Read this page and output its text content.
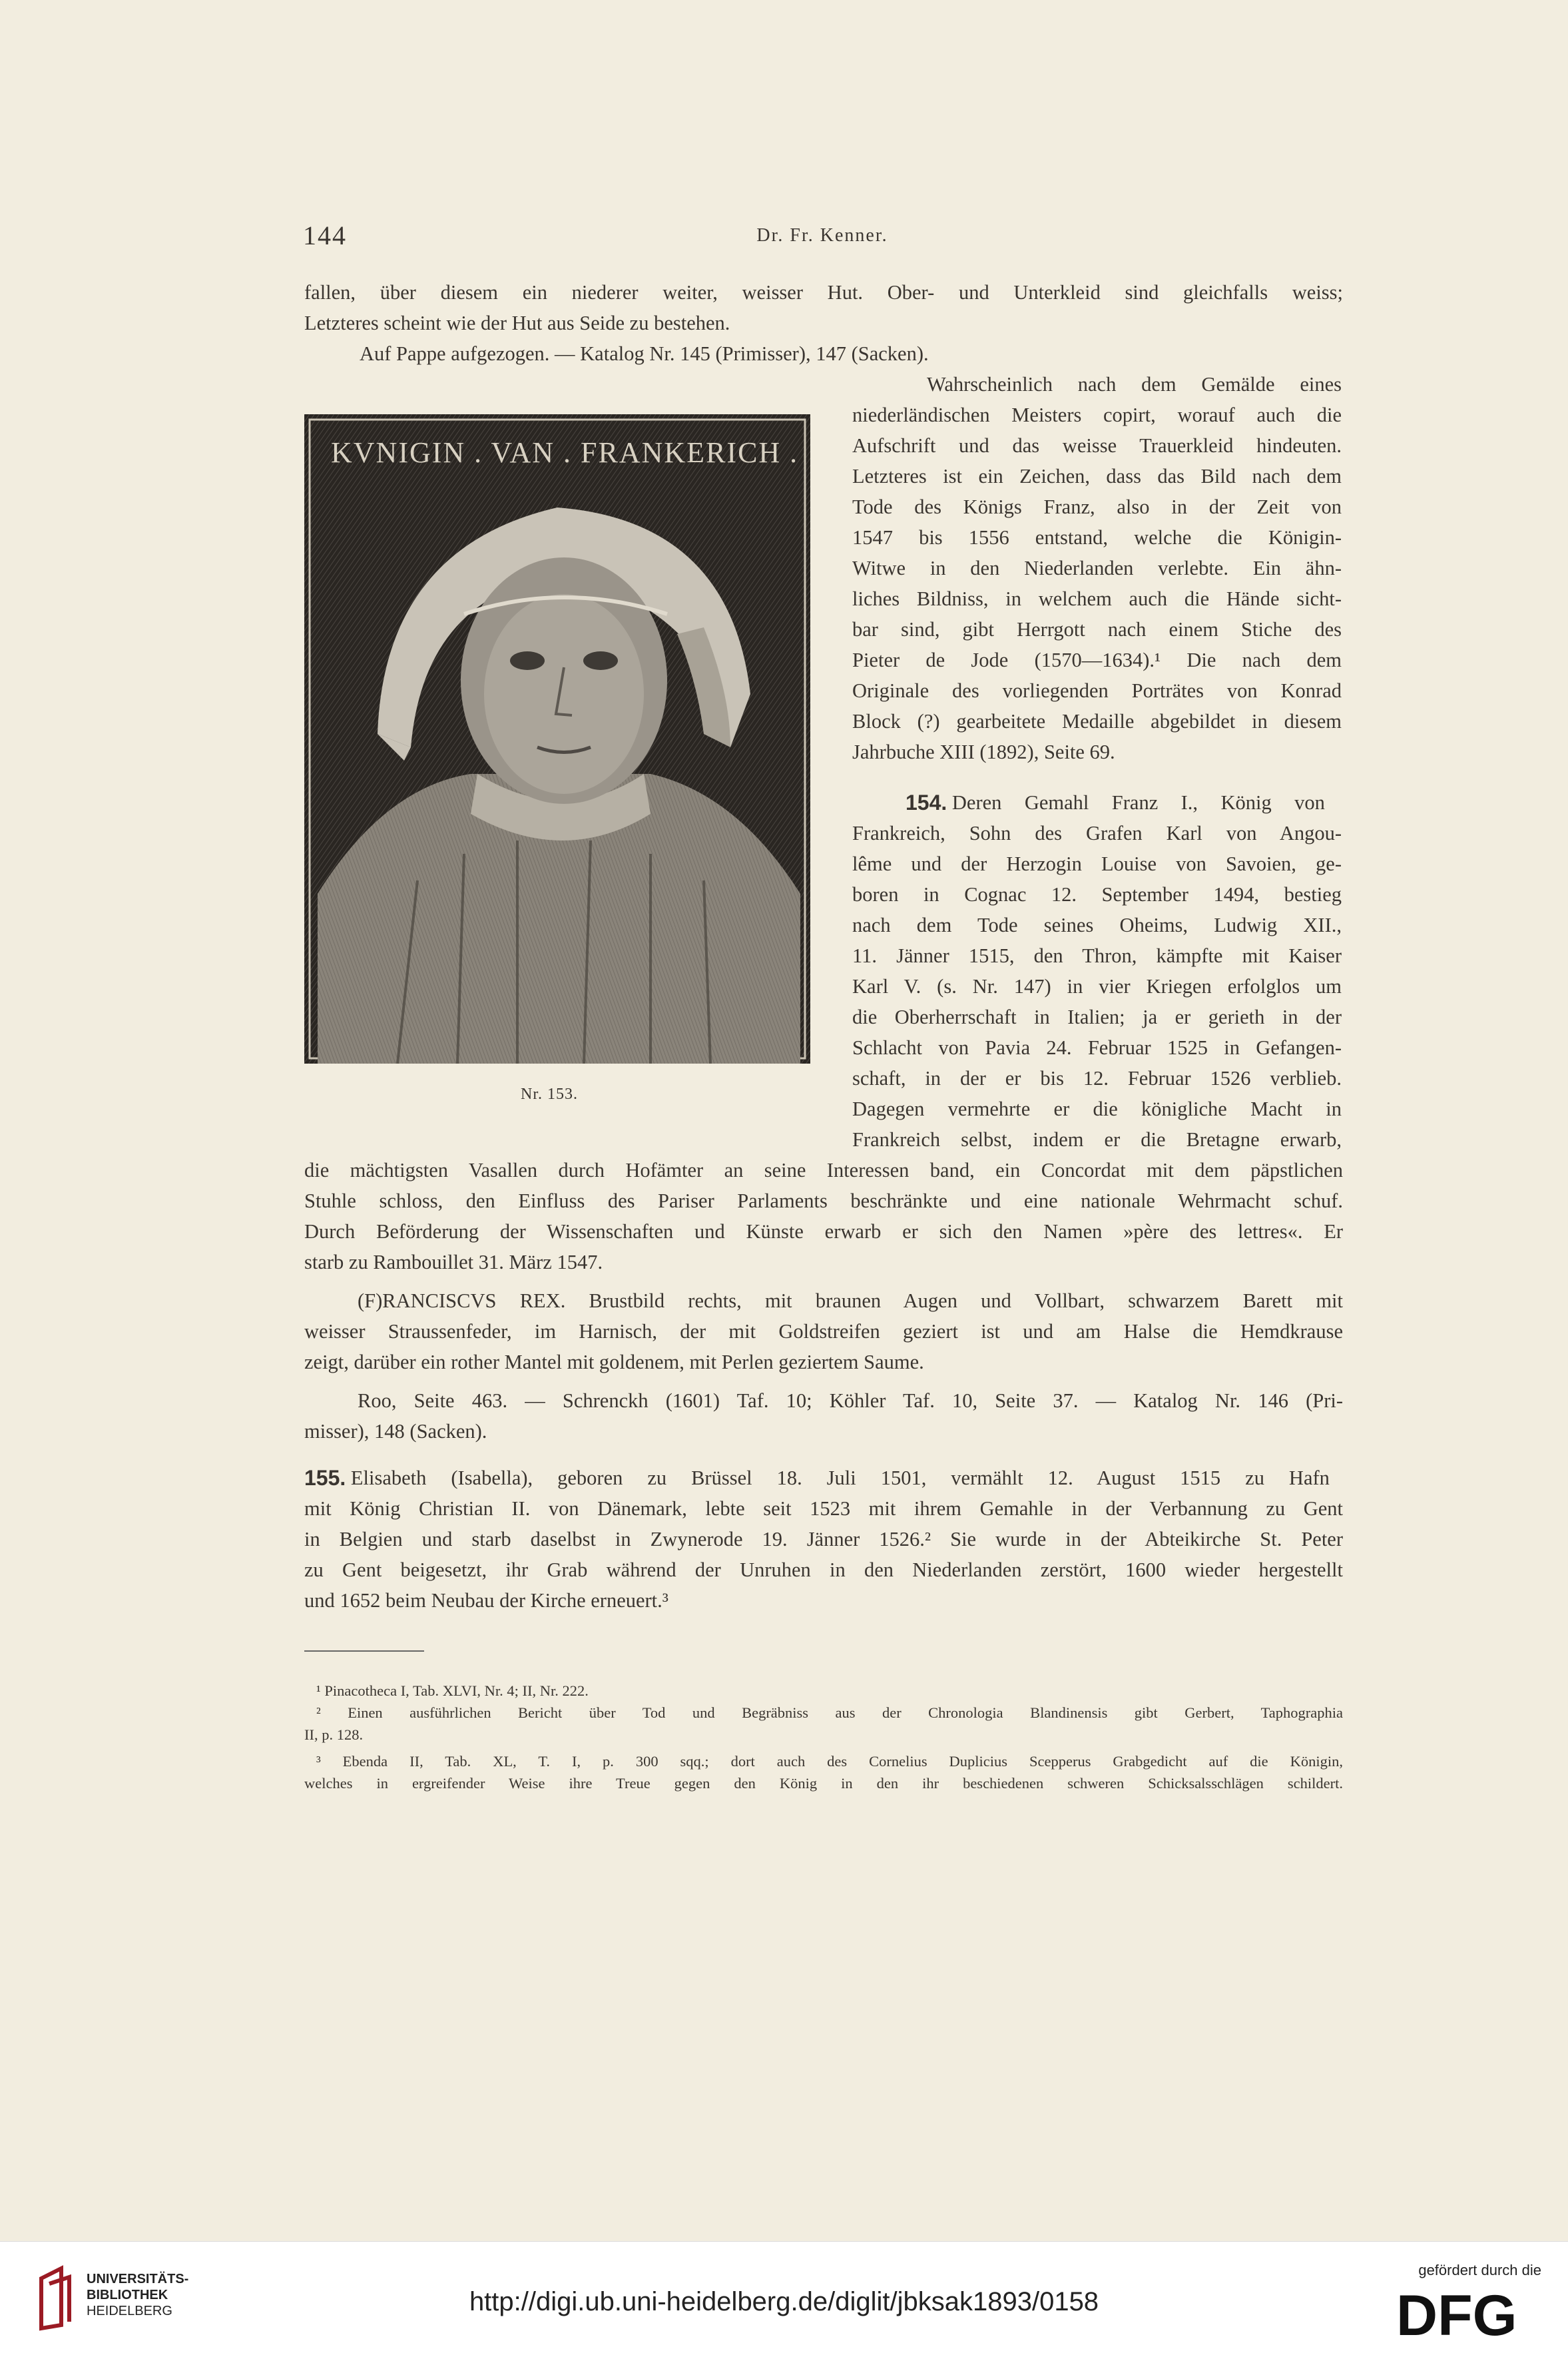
144	Dr. Fr. Kenner.
fallen, über diesem ein niederer weiter, weisser Hut. Ober- und Unterkleid sind gleichfalls weiss;
Letzteres scheint wie der Hut aus Seide zu bestehen.
Auf Pappe aufgezogen. — Katalog Nr. 145 (Primisser), 147 (Sacken).
KVNIGIN . VAN . FRANKERICH .
Nr. 153.
Wahrscheinlich nach dem Gemälde eines
niederländischen Meisters copirt, worauf auch die
Aufschrift und das weisse Trauerkleid hindeuten.
Letzteres ist ein Zeichen, dass das Bild nach dem
Tode des Königs Franz, also in der Zeit von
1547 bis 1556 entstand, welche die Königin-
Witwe in den Niederlanden verlebte. Ein ähn-
liches Bildniss, in welchem auch die Hände sicht-
bar sind, gibt Herrgott nach einem Stiche des
Pieter de Jode (1570—1634).¹ Die nach dem
Originale des vorliegenden Porträtes von Konrad
Block (?) gearbeitete Medaille abgebildet in diesem
Jahrbuche XIII (1892), Seite 69.
154. Deren Gemahl Franz I., König von
Frankreich, Sohn des Grafen Karl von Angou-
lême und der Herzogin Louise von Savoien, ge-
boren in Cognac 12. September 1494, bestieg
nach dem Tode seines Oheims, Ludwig XII.,
11. Jänner 1515, den Thron, kämpfte mit Kaiser
Karl V. (s. Nr. 147) in vier Kriegen erfolglos um
die Oberherrschaft in Italien; ja er gerieth in der
Schlacht von Pavia 24. Februar 1525 in Gefangen-
schaft, in der er bis 12. Februar 1526 verblieb.
Dagegen vermehrte er die königliche Macht in
Frankreich selbst, indem er die Bretagne erwarb,
die mächtigsten Vasallen durch Hofämter an seine Interessen band, ein Concordat mit dem päpstlichen
Stuhle schloss, den Einfluss des Pariser Parlaments beschränkte und eine nationale Wehrmacht schuf.
Durch Beförderung der Wissenschaften und Künste erwarb er sich den Namen »père des lettres«. Er
starb zu Rambouillet 31. März 1547.
(F)RANCISCVS REX. Brustbild rechts, mit braunen Augen und Vollbart, schwarzem Barett mit
weisser Straussenfeder, im Harnisch, der mit Goldstreifen geziert ist und am Halse die Hemdkrause
zeigt, darüber ein rother Mantel mit goldenem, mit Perlen geziertem Saume.
Roo, Seite 463. — Schrenckh (1601) Taf. 10; Köhler Taf. 10, Seite 37. — Katalog Nr. 146 (Pri-
misser), 148 (Sacken).
155. Elisabeth (Isabella), geboren zu Brüssel 18. Juli 1501, vermählt 12. August 1515 zu Hafn
mit König Christian II. von Dänemark, lebte seit 1523 mit ihrem Gemahle in der Verbannung zu Gent
in Belgien und starb daselbst in Zwynerode 19. Jänner 1526.² Sie wurde in der Abteikirche St. Peter
zu Gent beigesetzt, ihr Grab während der Unruhen in den Niederlanden zerstört, 1600 wieder hergestellt
und 1652 beim Neubau der Kirche erneuert.³
¹ Pinacotheca I, Tab. XLVI, Nr. 4; II, Nr. 222.
² Einen ausführlichen Bericht über Tod und Begräbniss aus der Chronologia Blandinensis gibt Gerbert, Taphographia
II, p. 128.
³ Ebenda II, Tab. XL, T. I, p. 300 sqq.; dort auch des Cornelius Duplicius Scepperus Grabgedicht auf die Königin,
welches in ergreifender Weise ihre Treue gegen den König in den ihr beschiedenen schweren Schicksalsschlägen schildert.
UNIVERSITÄTS-
BIBLIOTHEK
HEIDELBERG	http://digi.ub.uni-heidelberg.de/diglit/jbksak1893/0158
gefördert durch die
DFG
